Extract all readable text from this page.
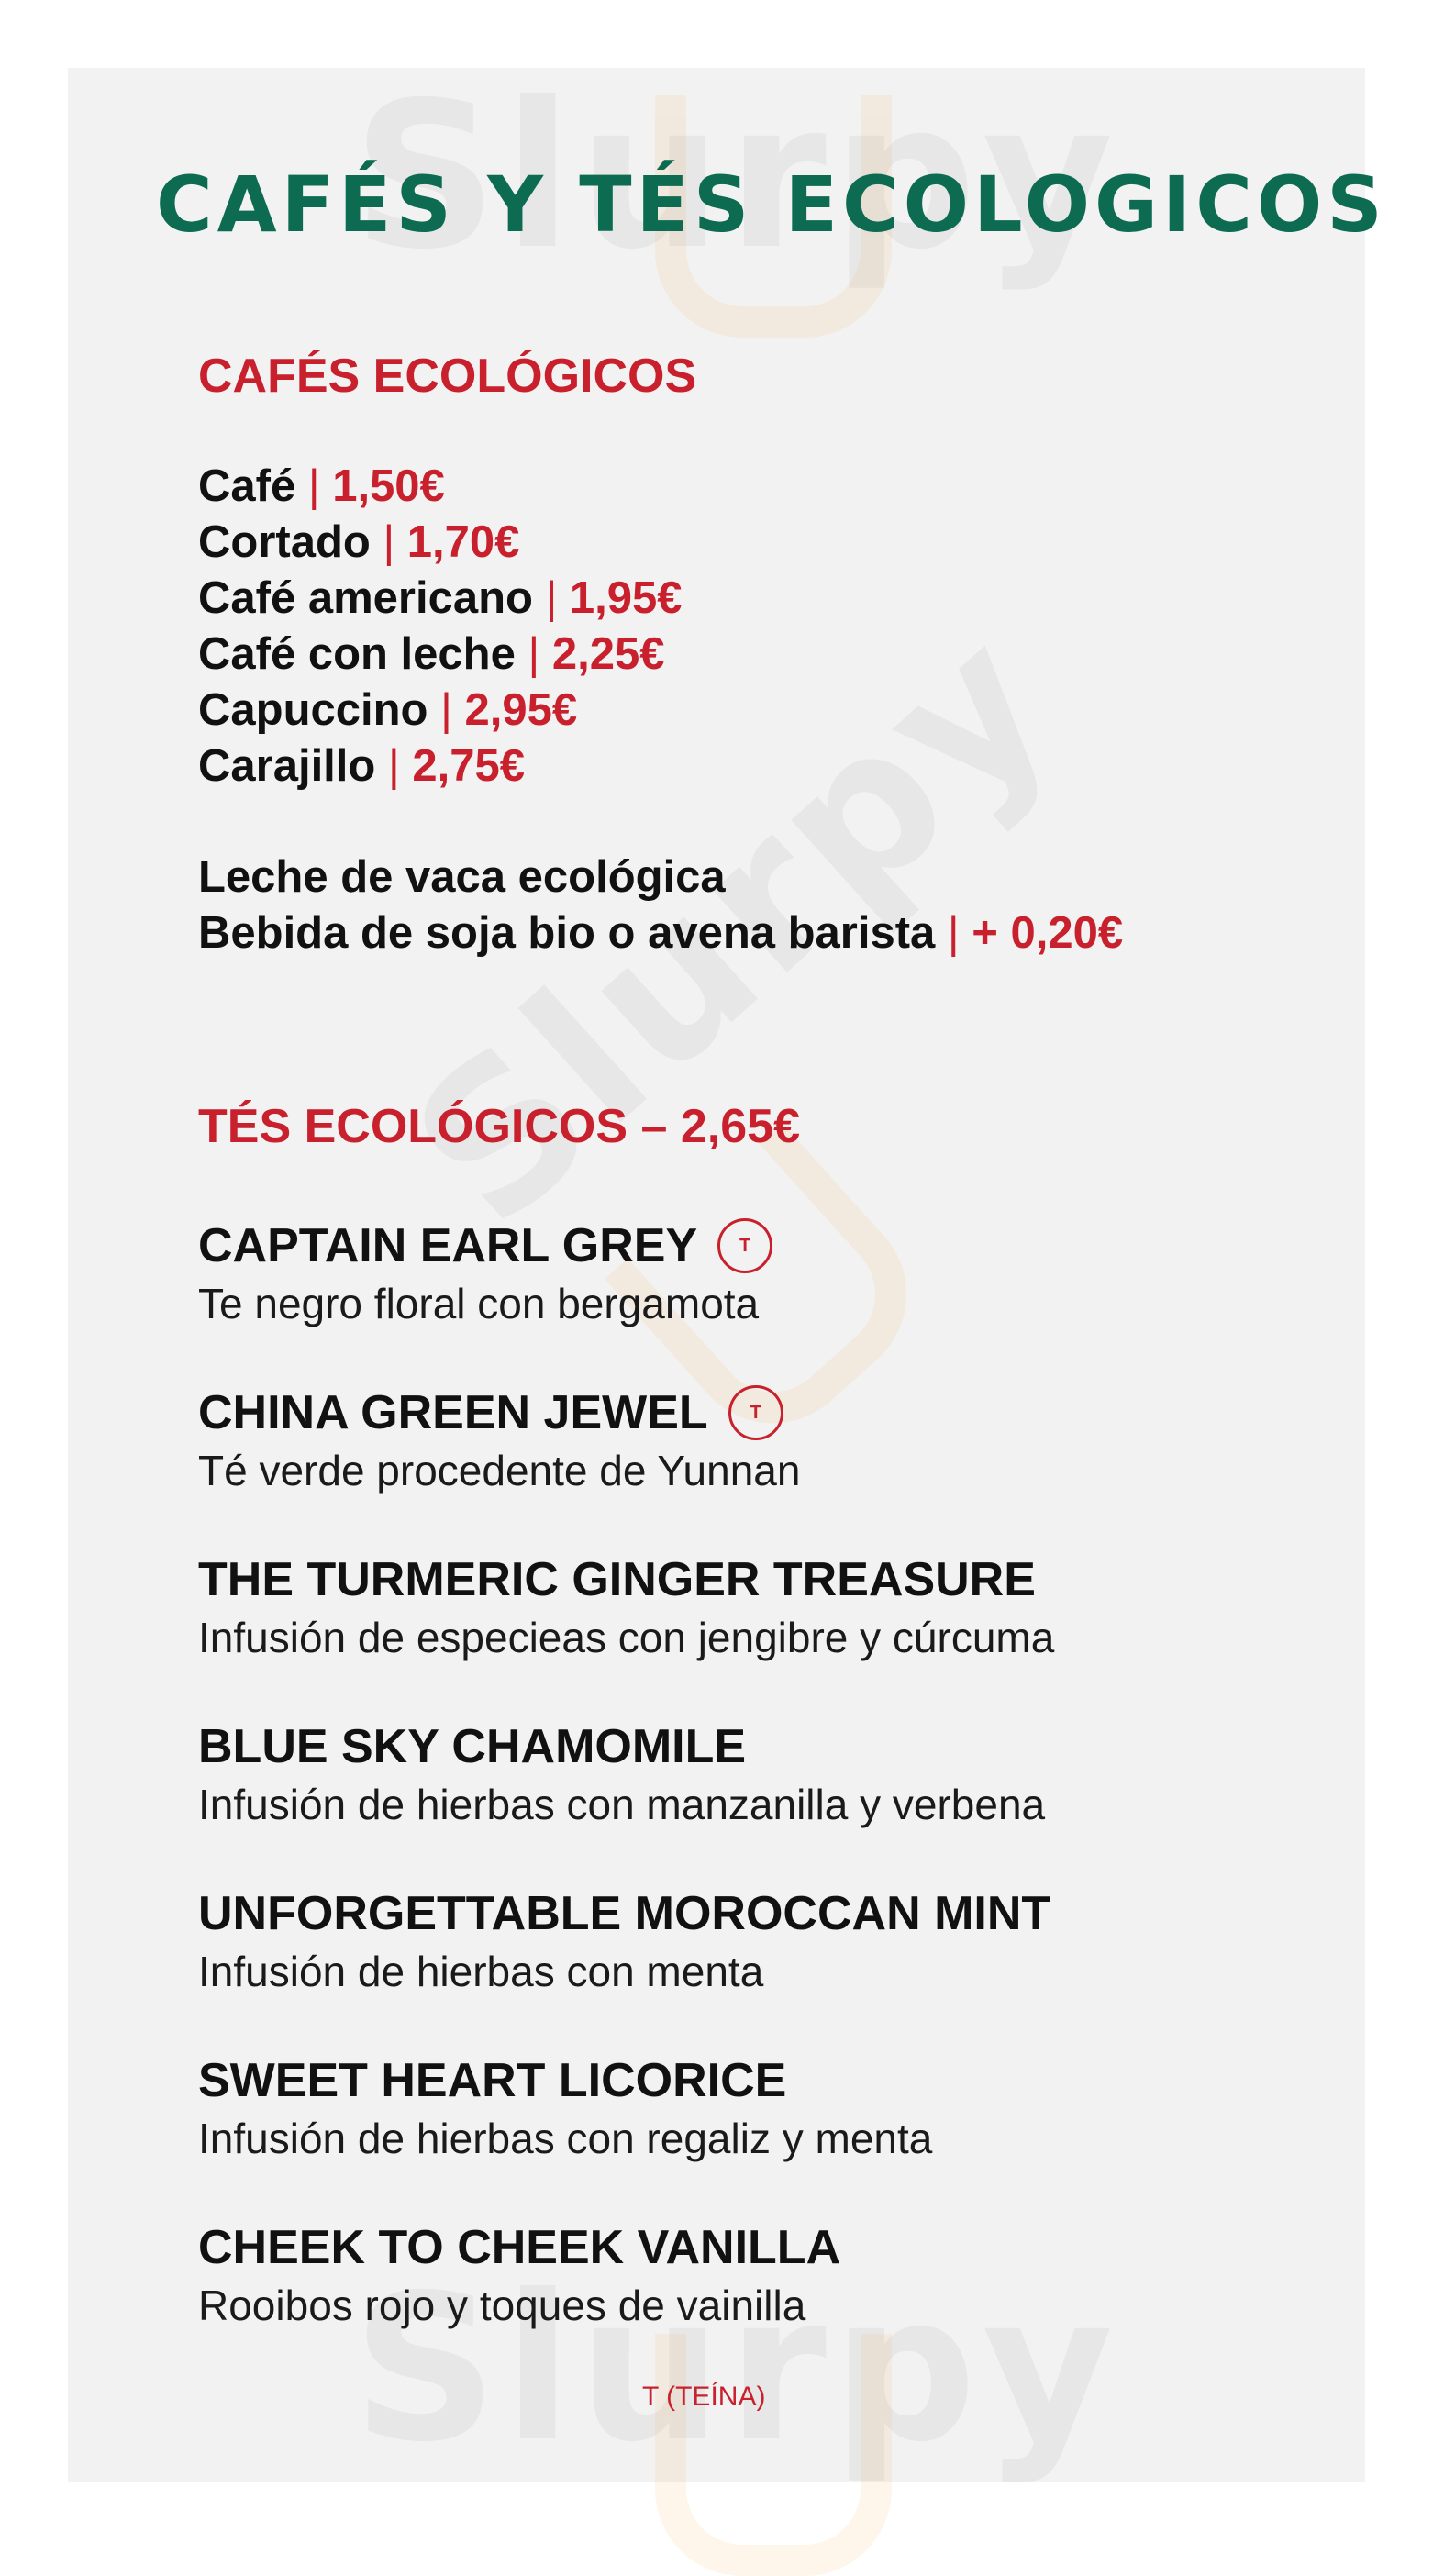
CAFÉS Y TÉS ECOLOGICOS
CAFÉS ECOLÓGICOS
Café | 1,50€
Cortado | 1,70€
Café americano | 1,95€
Café con leche | 2,25€
Capuccino | 2,95€
Carajillo | 2,75€
Leche de vaca ecológica
Bebida de soja bio o avena barista | + 0,20€
TÉS ECOLÓGICOS – 2,65€
CAPTAIN EARL GREY	T
Te negro floral con bergamota
CHINA GREEN JEWEL	T
Té verde procedente de Yunnan
THE TURMERIC GINGER TREASURE
Infusión de especieas con jengibre y cúrcuma
BLUE SKY CHAMOMILE
Infusión de hierbas con manzanilla y verbena
UNFORGETTABLE MOROCCAN MINT
Infusión de hierbas con menta
SWEET HEART LICORICE
Infusión de hierbas con regaliz y menta
CHEEK TO CHEEK VANILLA
Rooibos rojo y toques de vainilla
T (TEÍNA)
